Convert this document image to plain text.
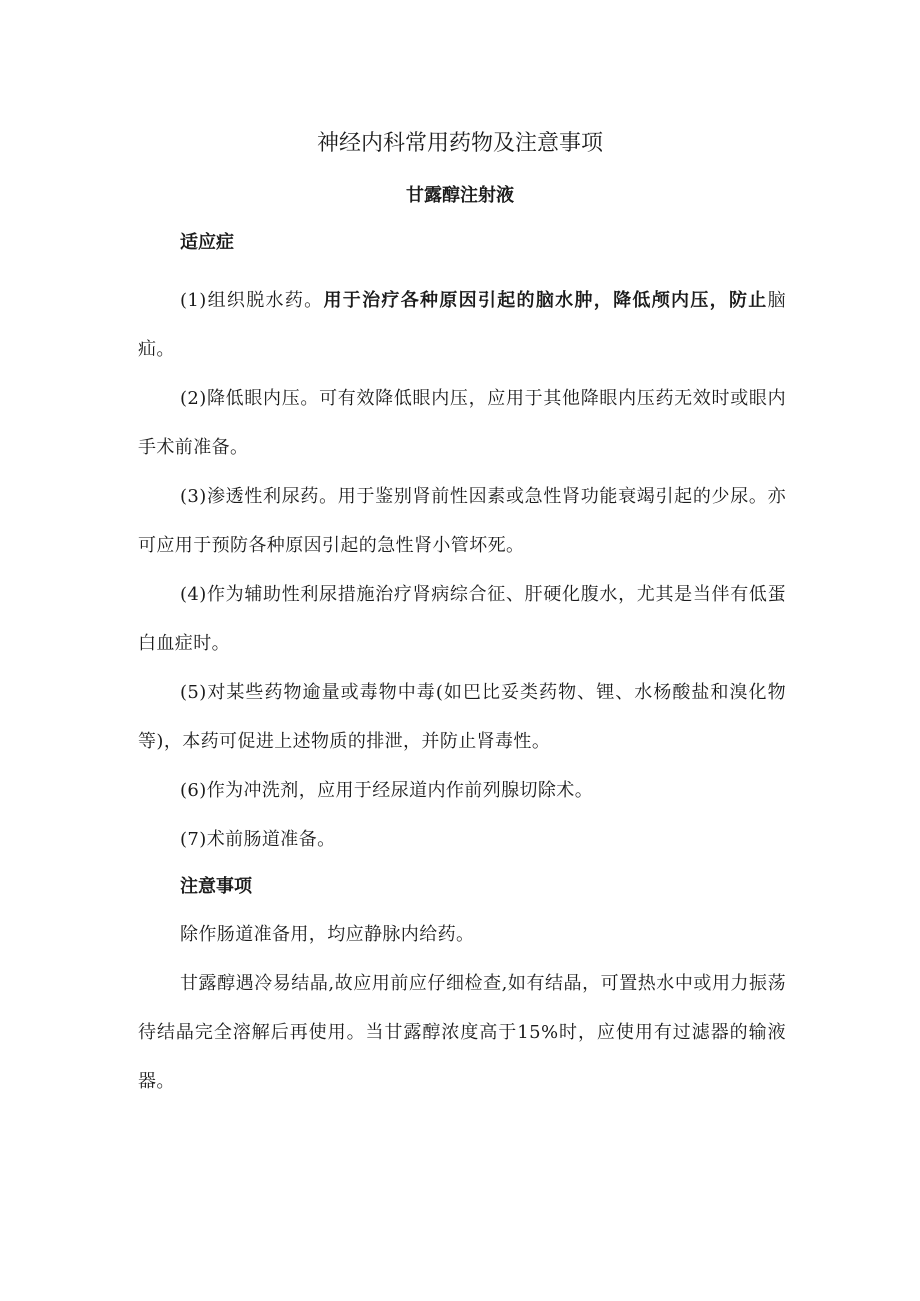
神经内科常用药物及注意事项
甘露醇注射液

适应症

(1)组织脱水药。用于治疗各种原因引起的脑水肿，降低颅内压，防止脑疝。

(2)降低眼内压。可有效降低眼内压，应用于其他降眼内压药无效时或眼内手术前准备。

(3)渗透性利尿药。用于鉴别肾前性因素或急性肾功能衰竭引起的少尿。亦可应用于预防各种原因引起的急性肾小管坏死。

(4)作为辅助性利尿措施治疗肾病综合征、肝硬化腹水，尤其是当伴有低蛋白血症时。

(5)对某些药物逾量或毒物中毒(如巴比妥类药物、锂、水杨酸盐和溴化物等)，本药可促进上述物质的排泄，并防止肾毒性。

(6)作为冲洗剂，应用于经尿道内作前列腺切除术。

(7)术前肠道准备。

注意事项

除作肠道准备用，均应静脉内给药。

甘露醇遇冷易结晶,故应用前应仔细检查,如有结晶，可置热水中或用力振荡待结晶完全溶解后再使用。当甘露醇浓度高于15%时，应使用有过滤器的输液器。
